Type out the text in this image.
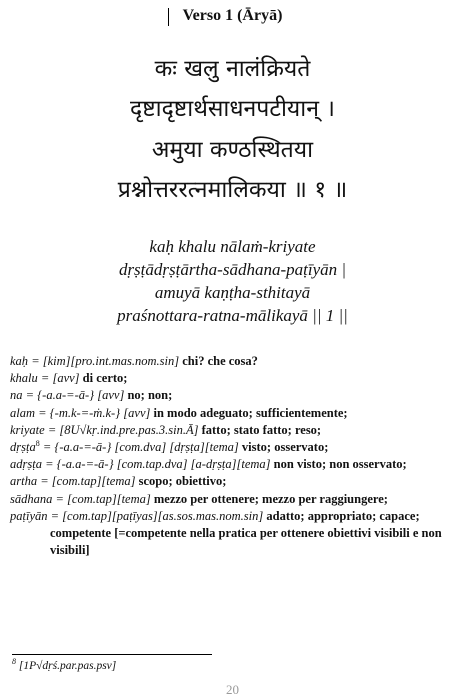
Verso 1 (Āryā)
कः खलु नालंक्रियते
दृष्टादृष्टार्थसाधनपटीयान् ।
अमुया कण्ठस्थितया
प्रश्नोत्तररत्नमालिकया ॥ १ ॥
kaḥ khalu nālaṁ-kriyate
dṛṣṭādṛṣṭārtha-sādhana-paṭīyān |
amuyā kaṇṭha-sthitayā
praśnottara-ratna-mālikayā || 1 ||
kaḥ = [kim][pro.int.mas.nom.sin] chi? che cosa?
khalu = [avv] di certo;
na = {-a.a-=-ā-} [avv] no; non;
alam = {-m.k-=-ṁ.k-} [avv] in modo adeguato; sufficientemente;
kriyate = [8U√kṛ.ind.pre.pas.3.sin.Ā] fatto; stato fatto; reso;
dṛṣṭa$^8$ = {-a.a-=-ā-} [com.dva] [dṛṣṭa][tema] visto; osservato;
adṛṣṭa = {-a.a-=-ā-} [com.tap.dva] [a-dṛṣṭa][tema] non visto; non osservato;
artha = [com.tap][tema] scopo; obiettivo;
sādhana = [com.tap][tema] mezzo per ottenere; mezzo per raggiungere;
paṭīyān = [com.tap][paṭīyas][as.sos.mas.nom.sin] adatto; appropriato; capace; competente [=competente nella pratica per ottenere obiettivi visibili e non visibili]
$^8$ [1P√dṛś.par.pas.psv]
20
